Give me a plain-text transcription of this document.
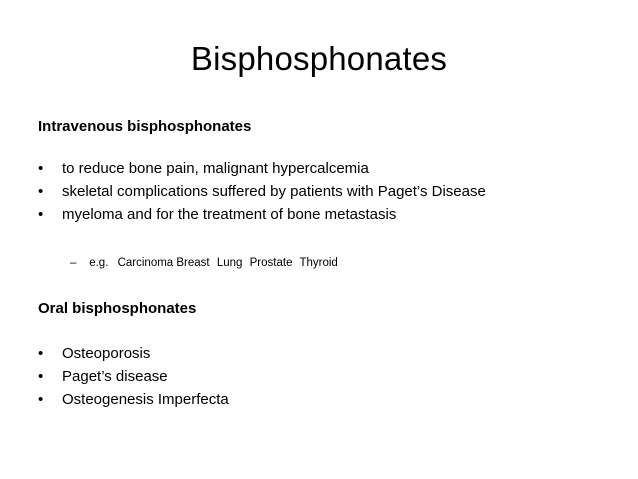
Bisphosphonates
Intravenous bisphosphonates
•	to reduce bone pain, malignant hypercalcemia
•	skeletal complications suffered by patients with Paget’s Disease
•	myeloma and for the treatment of bone metastasis
– e.g. Carcinoma Breast Lung Prostate Thyroid
Oral bisphosphonates
•	Osteoporosis
•	Paget’s disease
•	Osteogenesis Imperfecta
